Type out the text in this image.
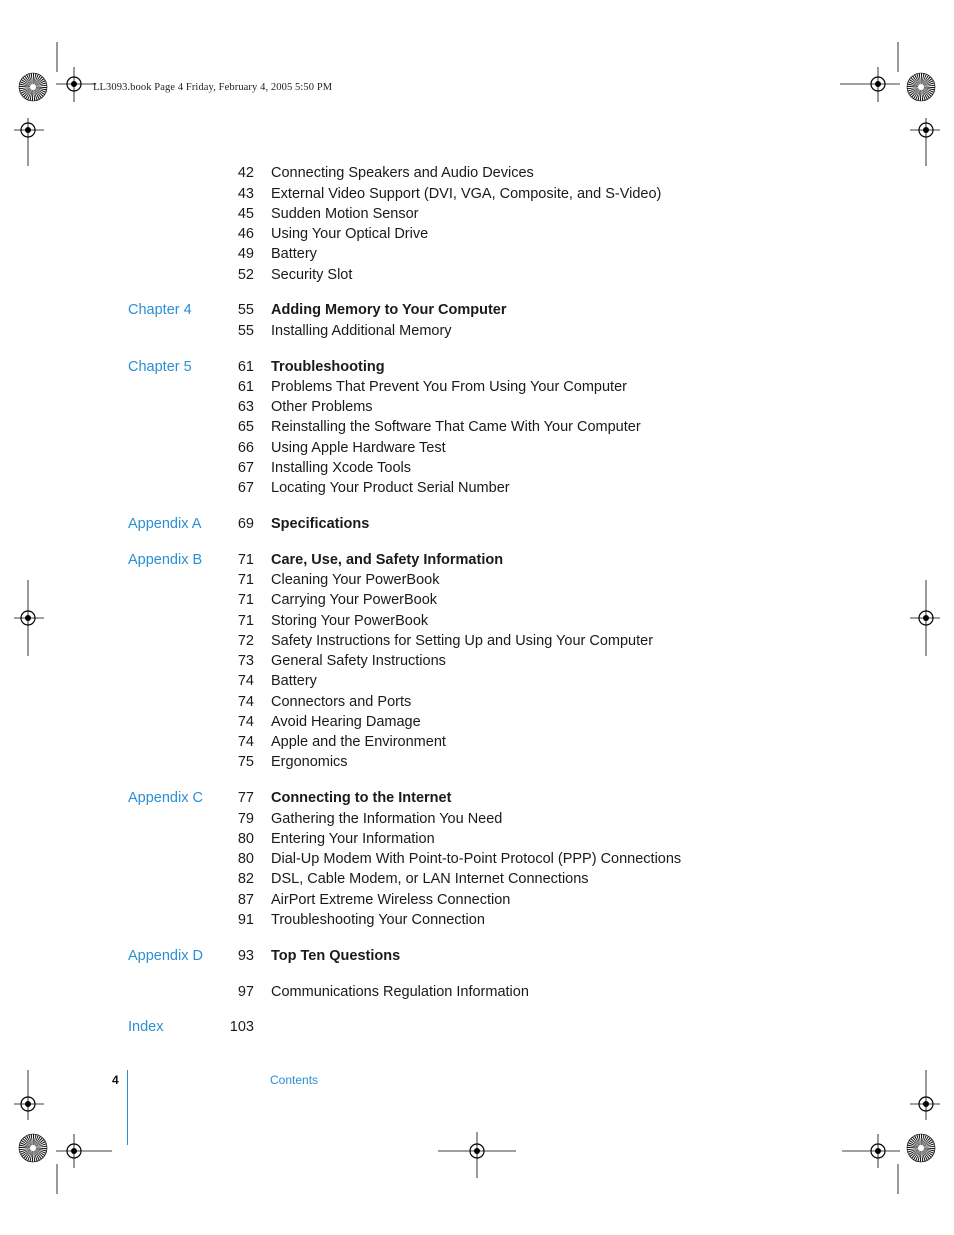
LL3093.book Page 4 Friday, February 4, 2005 5:50 PM
42 Connecting Speakers and Audio Devices
43 External Video Support (DVI, VGA, Composite, and S-Video)
45 Sudden Motion Sensor
46 Using Your Optical Drive
49 Battery
52 Security Slot
Chapter 4	55 Adding Memory to Your Computer
55 Installing Additional Memory
Chapter 5	61 Troubleshooting
61 Problems That Prevent You From Using Your Computer
63 Other Problems
65 Reinstalling the Software That Came With Your Computer
66 Using Apple Hardware Test
67 Installing Xcode Tools
67 Locating Your Product Serial Number
Appendix A	69 Specifications
Appendix B	71 Care, Use, and Safety Information
71 Cleaning Your PowerBook
71 Carrying Your PowerBook
71 Storing Your PowerBook
72 Safety Instructions for Setting Up and Using Your Computer
73 General Safety Instructions
74 Battery
74 Connectors and Ports
74 Avoid Hearing Damage
74 Apple and the Environment
75 Ergonomics
Appendix C	77 Connecting to the Internet
79 Gathering the Information You Need
80 Entering Your Information
80 Dial-Up Modem With Point-to-Point Protocol (PPP) Connections
82 DSL, Cable Modem, or LAN Internet Connections
87 AirPort Extreme Wireless Connection
91 Troubleshooting Your Connection
Appendix D	93 Top Ten Questions
97 Communications Regulation Information
Index	103
4	Contents
